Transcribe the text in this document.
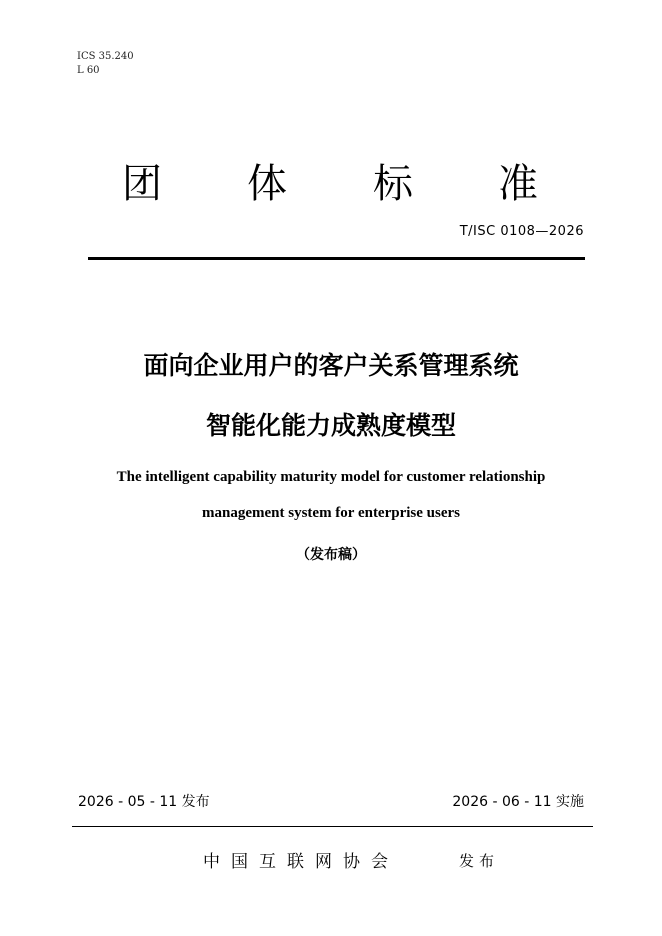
ICS 35.240
L 60
团 体 标 准
T/ISC 0108—2026
面向企业用户的客户关系管理系统
智能化能力成熟度模型
The intelligent capability maturity model for customer relationship
management system for enterprise users
（发布稿）
2026 - 05 - 11 发布	2026 - 06 - 11 实施
中国互联网协会	发布
